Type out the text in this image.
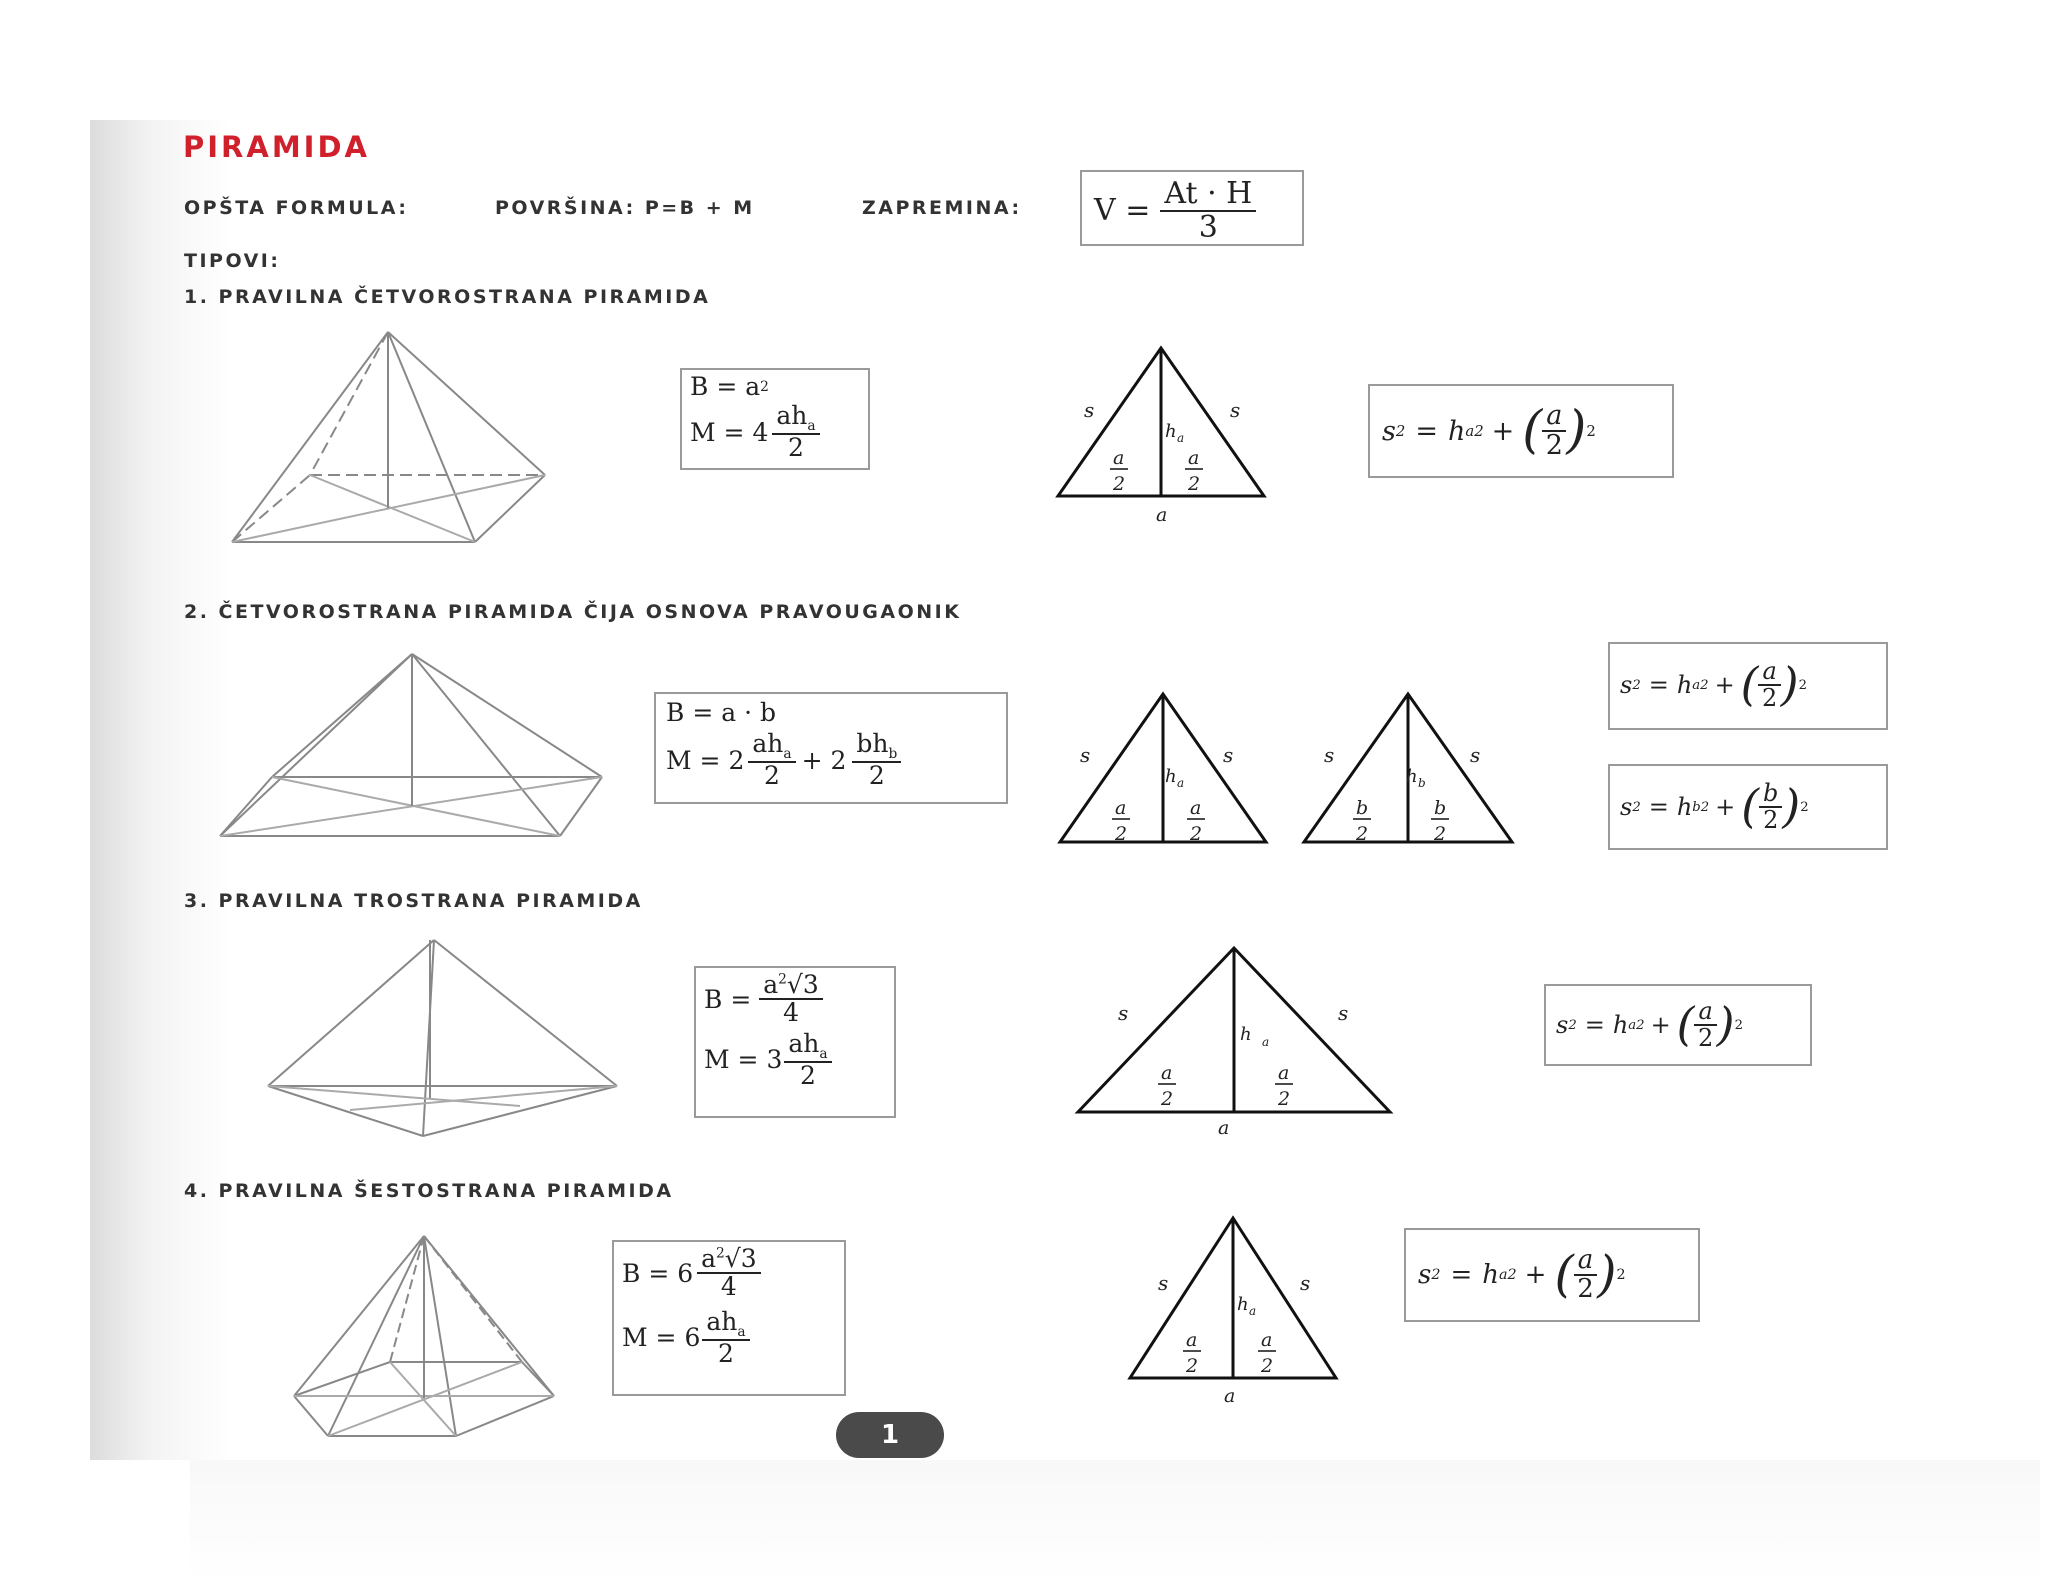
PIRAMIDA
OPŠTA FORMULA:	POVRŠINA: P=B + M	ZAPREMINA: $V = \frac{At \cdot H}{3}$
TIPOVI:
1. PRAVILNA ČETVOROSTRANA PIRAMIDA
B = a 2
$M = 4 \frac{ah_a}{2}$	s	s
h a
a
2
a
2
a
s 2 = h a 2 + ( $\frac{a}{2}$ ) 2
2. ČETVOROSTRANA PIRAMIDA ČIJA OSNOVA PRAVOUGAONIK
B = a · b
$M = 2 \frac{ah_a}{2} + 2 \frac{bh_b}{2}$	s	s
h a
a
2
a
2
s	s
h b
b
2
b
2
s 2 = h a 2 + ( $\frac{a}{2}$ ) 2
s 2 = h b 2 + ( $\frac{b}{2}$ ) 2
3. PRAVILNA TROSTRANA PIRAMIDA
$B = \frac{a^2√3}{4}$
$M = 3 \frac{ah_a}{2}$
s	s
h a
a
2
a
2
a
s 2 = h a 2 + ( $\frac{a}{2}$ ) 2
4. PRAVILNA ŠESTOSTRANA PIRAMIDA
$B = 6 \frac{a^2√3}{4}$
$M = 6 \frac{ah_a}{2}$
s	s
h a
a
2
a
2
a
s 2 = h a 2 + ( $\frac{a}{2}$ ) 2
1
